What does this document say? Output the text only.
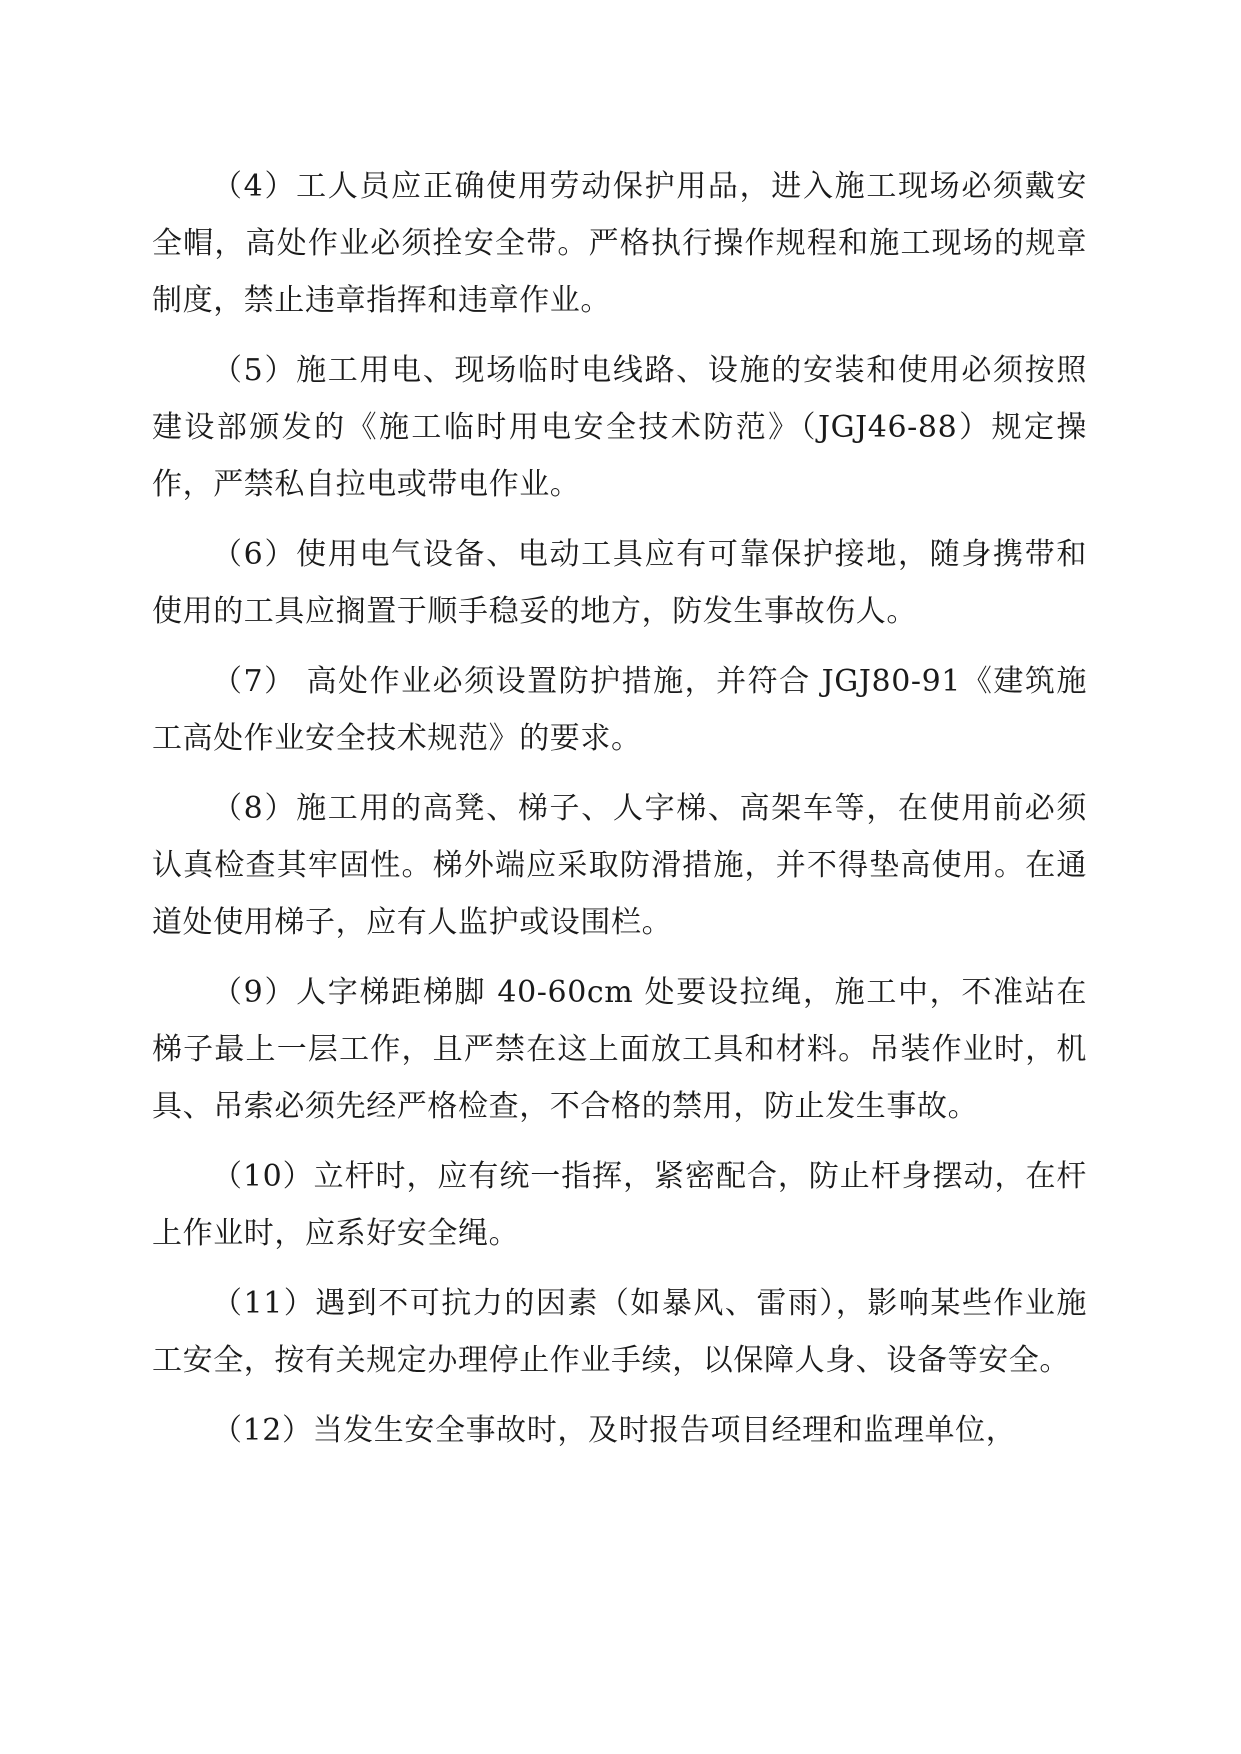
（4）工人员应正确使用劳动保护用品，进入施工现场必须戴安全帽，高处作业必须拴安全带。严格执行操作规程和施工现场的规章制度，禁止违章指挥和违章作业。

（5）施工用电、现场临时电线路、设施的安装和使用必须按照建设部颁发的《施工临时用电安全技术防范》（JGJ46-88）规定操作，严禁私自拉电或带电作业。

（6）使用电气设备、电动工具应有可靠保护接地，随身携带和使用的工具应搁置于顺手稳妥的地方，防发生事故伤人。

（7） 高处作业必须设置防护措施，并符合 JGJ80-91《建筑施工高处作业安全技术规范》的要求。

（8）施工用的高凳、梯子、人字梯、高架车等，在使用前必须认真检查其牢固性。梯外端应采取防滑措施，并不得垫高使用。在通道处使用梯子，应有人监护或设围栏。

（9）人字梯距梯脚 40-60cm 处要设拉绳，施工中，不准站在梯子最上一层工作，且严禁在这上面放工具和材料。吊装作业时，机具、吊索必须先经严格检查，不合格的禁用，防止发生事故。

（10）立杆时，应有统一指挥，紧密配合，防止杆身摆动，在杆上作业时，应系好安全绳。

（11）遇到不可抗力的因素（如暴风、雷雨），影响某些作业施工安全，按有关规定办理停止作业手续，以保障人身、设备等安全。

（12）当发生安全事故时，及时报告项目经理和监理单位，
